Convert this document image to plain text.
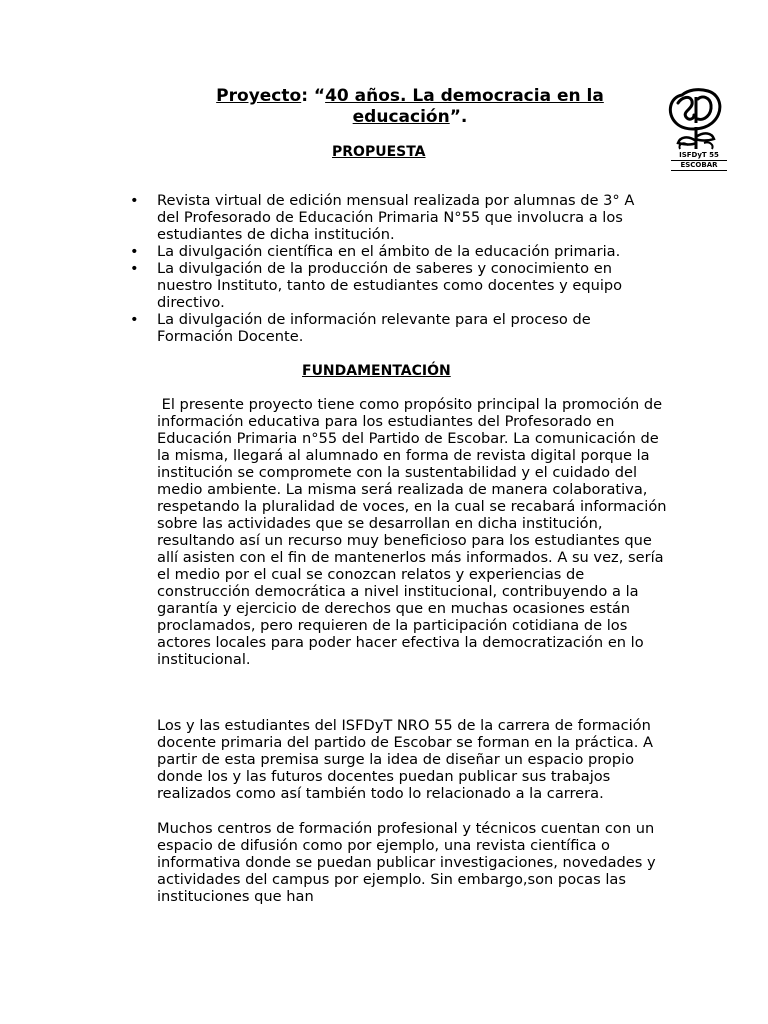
Proyecto: “40 años. La democracia en la
educación”.
ISFDyT 55
ESCOBAR
PROPUESTA
• Revista virtual de edición mensual realizada por alumnas de 3° A del Profesorado de Educación Primaria N°55 que involucra a los estudiantes de dicha institución.
• La divulgación científica en el ámbito de la educación primaria.
• La divulgación de la producción de saberes y conocimiento en nuestro Instituto, tanto de estudiantes como docentes y equipo directivo.
• La divulgación de información relevante para el proceso de Formación Docente.
FUNDAMENTACIÓN

El presente proyecto tiene como propósito principal la promoción de información educativa para los estudiantes del Profesorado en Educación Primaria n°55 del Partido de Escobar. La comunicación de la misma, llegará al alumnado en forma de revista digital porque la institución se compromete con la sustentabilidad y el cuidado del medio ambiente. La misma será realizada de manera colaborativa, respetando la pluralidad de voces, en la cual se recabará información sobre las actividades que se desarrollan en dicha institución,  resultando así un recurso muy beneficioso para los estudiantes que allí asisten con el fin de mantenerlos más informados. A su vez, sería el medio por el cual se conozcan relatos y experiencias de construcción democrática a nivel institucional, contribuyendo a la garantía y ejercicio de derechos que en muchas ocasiones están proclamados, pero requieren de la participación cotidiana de los actores locales para poder hacer efectiva la democratización en lo institucional.

Los y las estudiantes del ISFDyT NRO 55 de la carrera de formación docente primaria del partido de Escobar se forman en la práctica. A partir de esta premisa surge la idea de diseñar un espacio propio donde los y las futuros docentes puedan publicar sus trabajos realizados como así también todo lo relacionado a la carrera.

Muchos centros de formación profesional y técnicos cuentan con un espacio de difusión como por ejemplo, una revista científica o informativa donde se puedan publicar investigaciones, novedades y actividades del campus por ejemplo. Sin embargo,son pocas las instituciones que han
